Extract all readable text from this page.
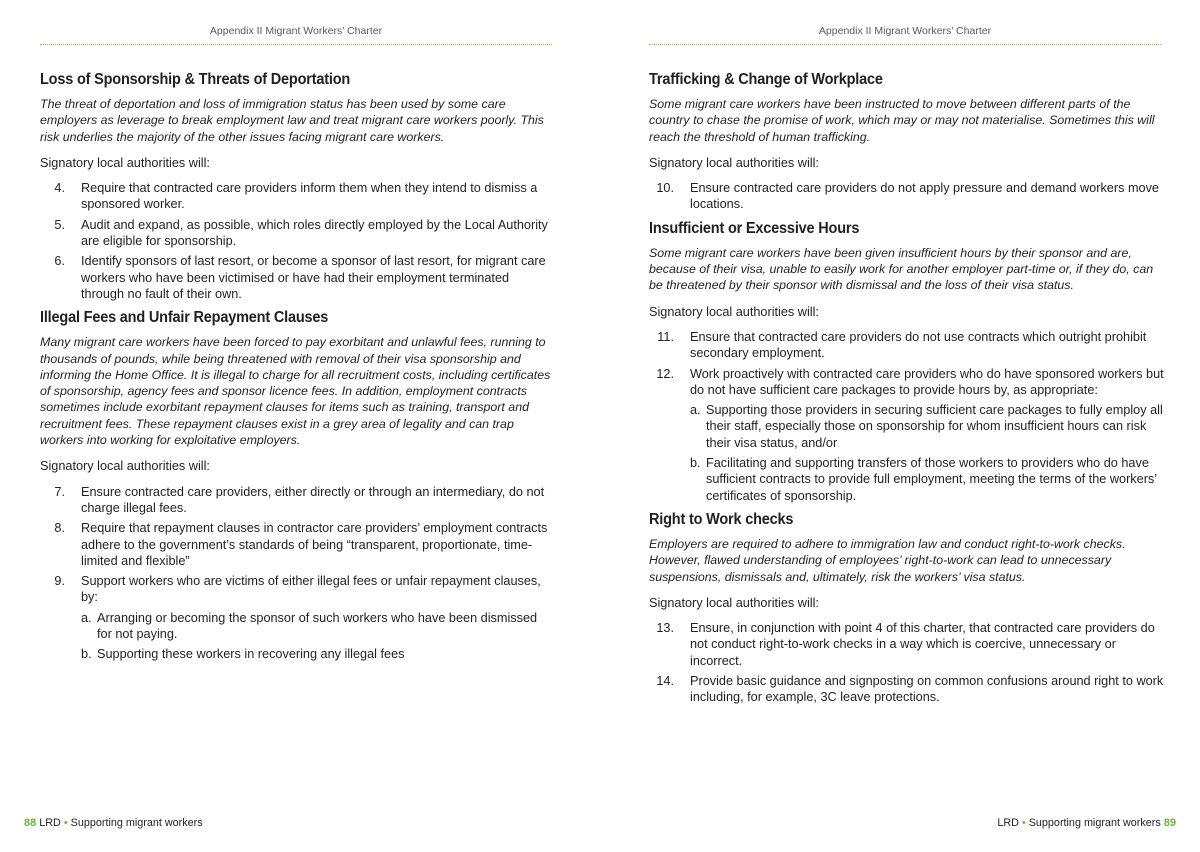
Appendix II Migrant Workers’ Charter
Loss of Sponsorship & Threats of Deportation

The threat of deportation and loss of immigration status has been used by some care employers as leverage to break employment law and treat migrant care workers poorly. This risk underlies the majority of the other issues facing migrant care workers.

Signatory local authorities will:

4. Require that contracted care providers inform them when they intend to dismiss a sponsored worker.
5. Audit and expand, as possible, which roles directly employed by the Local Authority are eligible for sponsorship.
6. Identify sponsors of last resort, or become a sponsor of last resort, for migrant care workers who have been victimised or have had their employment terminated through no fault of their own.
Illegal Fees and Unfair Repayment Clauses

Many migrant care workers have been forced to pay exorbitant and unlawful fees, running to thousands of pounds, while being threatened with removal of their visa sponsorship and informing the Home Office. It is illegal to charge for all recruitment costs, including certificates of sponsorship, agency fees and sponsor licence fees. In addition, employment contracts sometimes include exorbitant repayment clauses for items such as training, transport and recruitment fees. These repayment clauses exist in a grey area of legality and can trap workers into working for exploitative employers.

Signatory local authorities will:

7. Ensure contracted care providers, either directly or through an intermediary, do not charge illegal fees.
8. Require that repayment clauses in contractor care providers’ employment contracts adhere to the government’s standards of being “transparent, proportionate, time-limited and flexible”
9. Support workers who are victims of either illegal fees or unfair repayment clauses, by:
a. Arranging or becoming the sponsor of such workers who have been dismissed for not paying.
b. Supporting these workers in recovering any illegal fees
88 LRD • Supporting migrant workers
Appendix II Migrant Workers’ Charter
Trafficking & Change of Workplace

Some migrant care workers have been instructed to move between different parts of the country to chase the promise of work, which may or may not materialise. Sometimes this will reach the threshold of human trafficking.

Signatory local authorities will:

10. Ensure contracted care providers do not apply pressure and demand workers move locations.
Insufficient or Excessive Hours

Some migrant care workers have been given insufficient hours by their sponsor and are, because of their visa, unable to easily work for another employer part-time or, if they do, can be threatened by their sponsor with dismissal and the loss of their visa status.

Signatory local authorities will:

11. Ensure that contracted care providers do not use contracts which outright prohibit secondary employment.
12. Work proactively with contracted care providers who do have sponsored workers but do not have sufficient care packages to provide hours by, as appropriate:
a. Supporting those providers in securing sufficient care packages to fully employ all their staff, especially those on sponsorship for whom insufficient hours can risk their visa status, and/or
b. Facilitating and supporting transfers of those workers to providers who do have sufficient contracts to provide full employment, meeting the terms of the workers’ certificates of sponsorship.
Right to Work checks

Employers are required to adhere to immigration law and conduct right-to-work checks. However, flawed understanding of employees’ right-to-work can lead to unnecessary suspensions, dismissals and, ultimately, risk the workers’ visa status.

Signatory local authorities will:

13. Ensure, in conjunction with point 4 of this charter, that contracted care providers do not conduct right-to-work checks in a way which is coercive, unnecessary or incorrect.
14. Provide basic guidance and signposting on common confusions around right to work including, for example, 3C leave protections.
LRD • Supporting migrant workers 89
